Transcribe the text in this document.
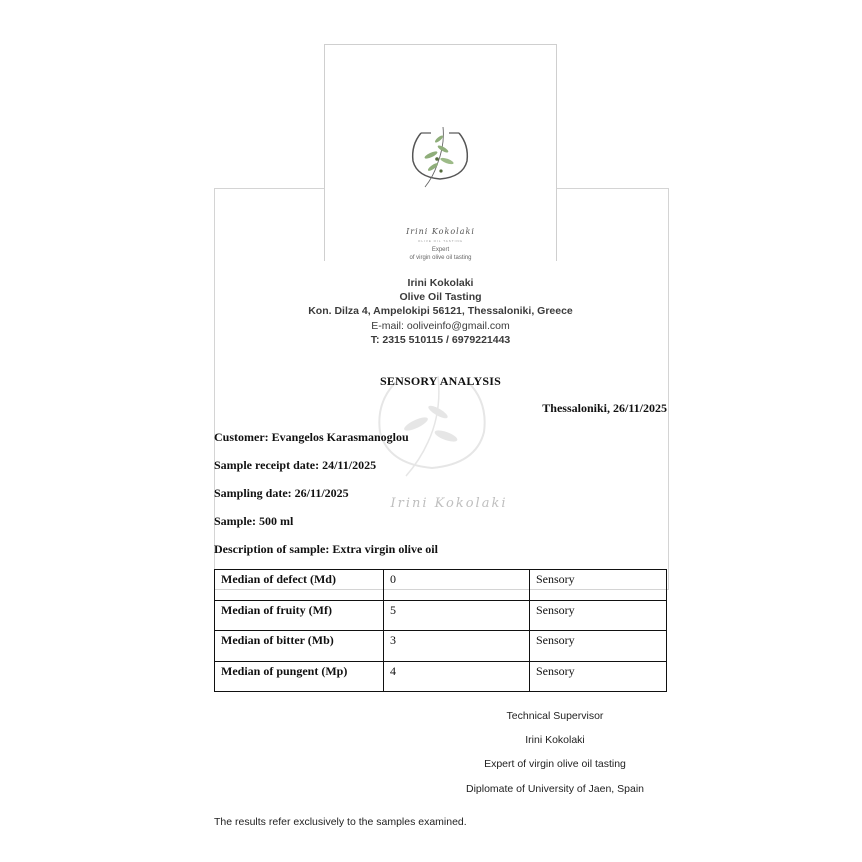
Irini Kokolaki
OLIVE OIL TASTING
Expert
of virgin olive oil tasting
Irini Kokolaki
Irini Kokolaki
Olive Oil Tasting
Kon. Dilza 4, Ampelokipi 56121, Thessaloniki, Greece
E-mail: ooliveinfo@gmail.com
T: 2315 510115 / 6979221443
SENSORY ANALYSIS
Thessaloniki, 26/11/2025
Customer: Evangelos Karasmanoglou
Sample receipt date: 24/11/2025
Sampling date: 26/11/2025
Sample: 500 ml
Description of sample: Extra virgin olive oil
Median of defect (Md)	0	Sensory
Median of fruity (Mf)	5	Sensory
Median of bitter (Mb)	3	Sensory
Median of pungent (Mp)	4	Sensory
Technical Supervisor
Irini Kokolaki
Expert of virgin olive oil tasting
Diplomate of University of Jaen, Spain
The results refer exclusively to the samples examined.
